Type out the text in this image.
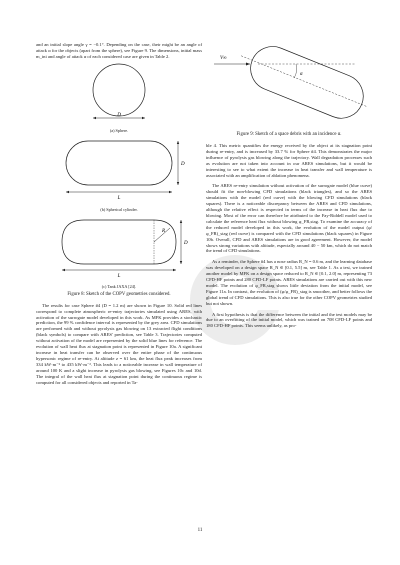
and an initial slope angle γ = −0.1°. Depending on the case, their might be an angle of attack α for the objects (apart from the sphere), see Figure 9. The dimensions, initial mass m_ini and angle of attack α of each considered case are given in Table 2.

D
(a) Sphere.
D
L
(b) Spherical cylinder.
R
D
L
(c) Tank JAXA [24].
Figure 8: Sketch of the COPV geometries considered.

The results for case Sphere #4 (D = 1.2 m) are shown in Figure 10. Solid red lines correspond to complete atmospheric re-entry trajectories simulated using ARES, with activation of the surrogate model developed in this work. As MFK provides a stochastic prediction, the 99 % confidence interval is represented by the grey area. CFD simulations are performed with and without pyrolysis gas blowing on 13 extracted flight conditions (black symbols) to compare with ARES' prediction, see Table 3. Trajectories computed without activation of the model are represented by the solid blue lines for reference. The evolution of wall heat flux at stagnation point is represented in Figure 10a. A significant increase in heat transfer can be observed over the entire phase of the continuous hypersonic regime of re-entry. At altitude z = 61 km, the heat flux peak increases from 334 kW·m⁻² to 435 kW·m⁻². This leads to a noticeable increase in wall temperature of around 100 K and a slight increase in pyrolysis gas blowing, see Figures 10c and 10d. The integral of the wall heat flux at stagnation point during the continuous regime is computed for all considered objects and reported in Ta-

V∞
α
Figure 9: Sketch of a space debris with an incidence α.

ble 4. This metric quantifies the energy received by the object at its stagnation point during re-entry, and is increased by 33.7 % for Sphere #4. This demonstrates the major influence of pyrolysis gas blowing along the trajectory. Wall degradation processes such as evolution are not taken into account in our ARES simulations, but it would be interesting to see to what extent the increase in heat transfer and wall temperature is associated with an amplification of ablation phenomena.

The ARES re-entry simulation without activation of the surrogate model (blue curve) should fit the non-blowing CFD simulations (black triangles), and so the ARES simulations with the model (red curve) with the blowing CFD simulations (black squares). There is a noticeable discrepancy between the ARES and CFD simulations, although the relative effect is respected in terms of the increase in heat flux due to blowing. Most of the error can therefore be attributed to the Fay-Riddell model used to calculate the reference heat flux without blowing φ_FR,stag. To examine the accuracy of the reduced model developed in this work, the evolution of the model output (φ/φ_FR)_stag (red curve) is compared with the CFD simulations (black squares) in Figure 10b. Overall, CFD and ARES simulations are in good agreement. However, the model shows strong variations with altitude, especially around 40 − 50 km, which do not match the trend of CFD simulations.

As a reminder, the Sphere #4 has a nose radius R_N = 0.6 m, and the learning database was developed on a design space R_N ∈ [0.1, 5.5] m, see Table 1. As a test, we trained another model by MFK on a design space reduced to R_N ∈ [0.1, 2.0] m, representing 73 CFD-HF points and 280 CFD-LF points. ARES simulations are carried out with this new model. The evolution of φ_FR,stag shows little deviation from the initial model, see Figure 11a. In contrast, the evolution of (φ/φ_FR)_stag is smoother, and better follows the global trend of CFD simulations. This is also true for the other COPV geometries studied but not shown.

A first hypothesis is that the difference between the initial and the test models may be due to an overfitting of the initial model, which was trained on 708 CFD-LF points and 180 CFD-HF points. This seems unlikely, as pro-

11
